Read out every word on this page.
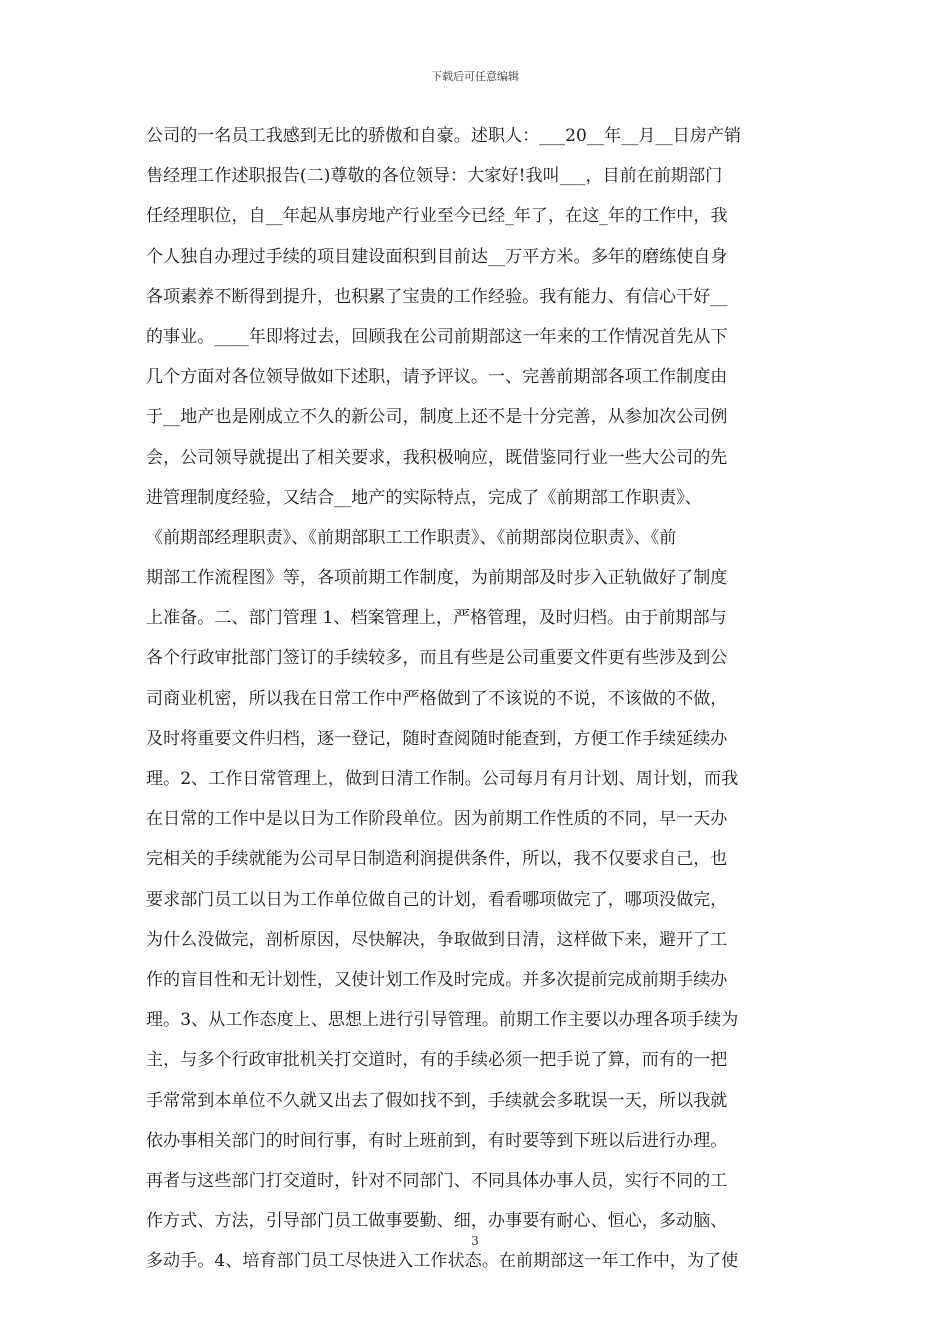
下载后可任意编辑
公司的一名员工我感到无比的骄傲和自豪。述职人：___20__年__月__日房产销
售经理工作述职报告(二)尊敬的各位领导：大家好!我叫___，目前在前期部门
任经理职位，自__年起从事房地产行业至今已经_年了，在这_年的工作中，我
个人独自办理过手续的项目建设面积到目前达__万平方米。多年的磨练使自身
各项素养不断得到提升，也积累了宝贵的工作经验。我有能力、有信心干好__
的事业。____年即将过去，回顾我在公司前期部这一年来的工作情况首先从下
几个方面对各位领导做如下述职，请予评议。一、完善前期部各项工作制度由
于__地产也是刚成立不久的新公司，制度上还不是十分完善，从参加次公司例
会，公司领导就提出了相关要求，我积极响应，既借鉴同行业一些大公司的先
进管理制度经验，又结合__地产的实际特点，完成了《前期部工作职责》、
《前期部经理职责》、《前期部职工工作职责》、《前期部岗位职责》、《前
期部工作流程图》等，各项前期工作制度，为前期部及时步入正轨做好了制度
上准备。二、部门管理 1、档案管理上，严格管理，及时归档。由于前期部与
各个行政审批部门签订的手续较多，而且有些是公司重要文件更有些涉及到公
司商业机密，所以我在日常工作中严格做到了不该说的不说，不该做的不做，
及时将重要文件归档，逐一登记，随时查阅随时能查到，方便工作手续延续办
理。2、工作日常管理上，做到日清工作制。公司每月有月计划、周计划，而我
在日常的工作中是以日为工作阶段单位。因为前期工作性质的不同，早一天办
完相关的手续就能为公司早日制造利润提供条件，所以，我不仅要求自己，也
要求部门员工以日为工作单位做自己的计划，看看哪项做完了，哪项没做完，
为什么没做完，剖析原因，尽快解决，争取做到日清，这样做下来，避开了工
作的盲目性和无计划性，又使计划工作及时完成。并多次提前完成前期手续办
理。3、从工作态度上、思想上进行引导管理。前期工作主要以办理各项手续为
主，与多个行政审批机关打交道时，有的手续必须一把手说了算，而有的一把
手常常到本单位不久就又出去了假如找不到，手续就会多耽误一天，所以我就
依办事相关部门的时间行事，有时上班前到，有时要等到下班以后进行办理。
再者与这些部门打交道时，针对不同部门、不同具体办事人员，实行不同的工
作方式、方法，引导部门员工做事要勤、细，办事要有耐心、恒心，多动脑、
多动手。4、培育部门员工尽快进入工作状态。在前期部这一年工作中，为了使
3
